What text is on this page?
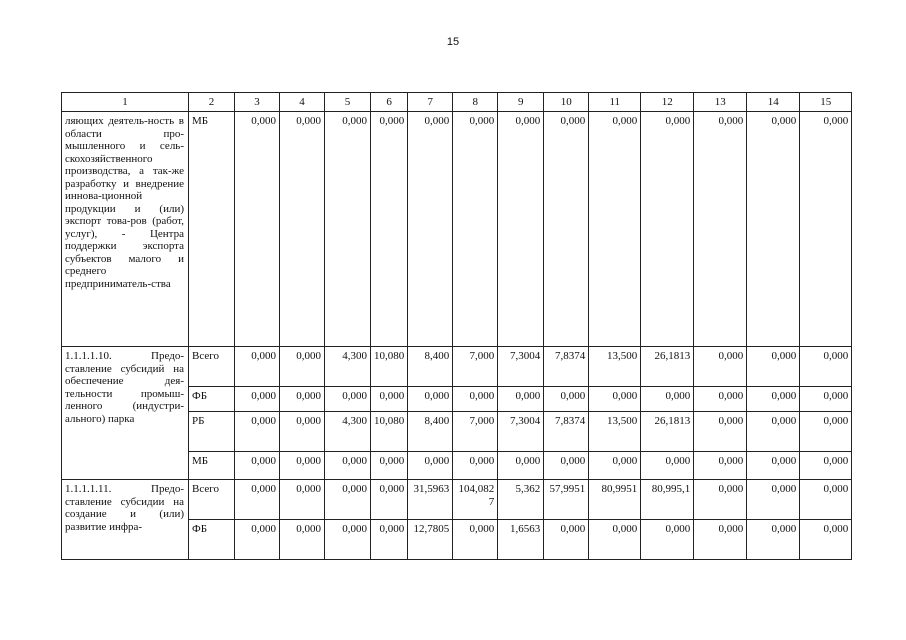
15
1	2	3	4	5	6	7	8	9	10	11	12	13	14	15
ляющих деятель-ность в области про-мышленного и сель-скохозяйственного производства, а так-же разработку и внедрение иннова-ционной продукции и (или) экспорт това-ров (работ, услуг), - Центра поддержки экспорта субъектов малого и среднего предприниматель-ства	МБ	0,000	0,000	0,000	0,000	0,000	0,000	0,000	0,000	0,000	0,000	0,000	0,000	0,000
1.1.1.1.10. Предо-ставление субсидий на обеспечение дея-тельности промыш-ленного (индустри-ального) парка	Всего	0,000	0,000	4,300	10,080	8,400	7,000	7,3004	7,8374	13,500	26,1813	0,000	0,000	0,000
	ФБ	0,000	0,000	0,000	0,000	0,000	0,000	0,000	0,000	0,000	0,000	0,000	0,000	0,000
	РБ	0,000	0,000	4,300	10,080	8,400	7,000	7,3004	7,8374	13,500	26,1813	0,000	0,000	0,000
	МБ	0,000	0,000	0,000	0,000	0,000	0,000	0,000	0,000	0,000	0,000	0,000	0,000	0,000
1.1.1.1.11. Предо-ставление субсидии на создание и (или) развитие инфра-	Всего	0,000	0,000	0,000	0,000	31,5963	104,0827	5,362	57,9951	80,9951	80,995,1	0,000	0,000	0,000
	ФБ	0,000	0,000	0,000	0,000	12,7805	0,000	1,6563	0,000	0,000	0,000	0,000	0,000	0,000
